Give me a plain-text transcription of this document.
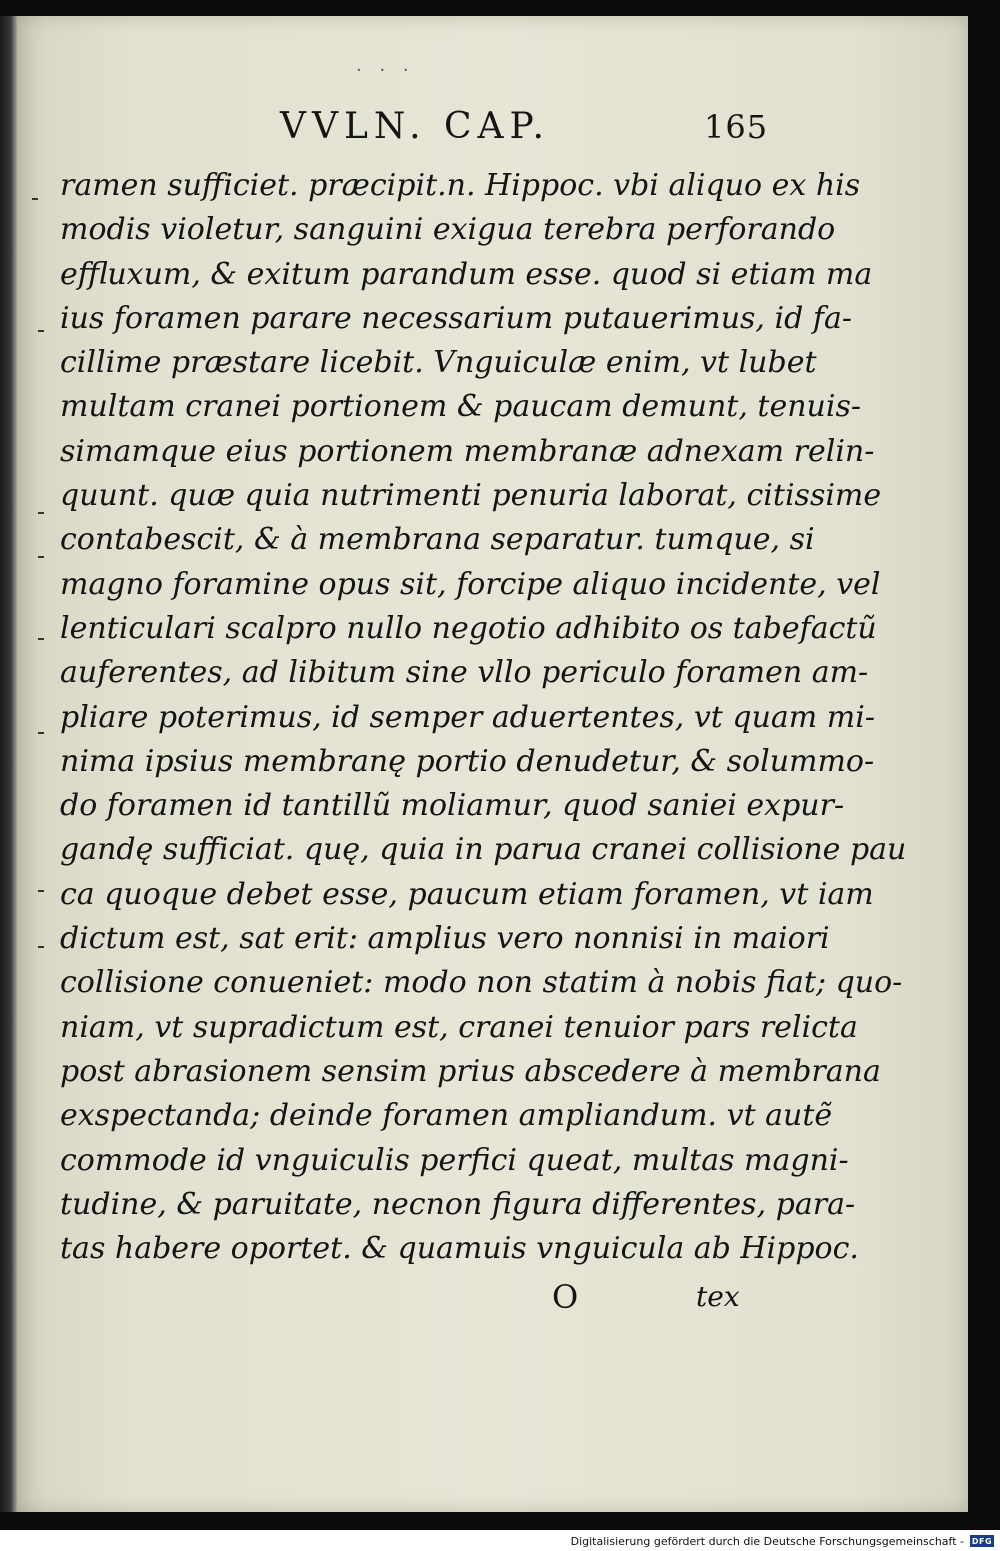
· · ·
VVLN. CAP.	165
ramen sufficiet. præcipit.n. Hippoc. vbi aliquo ex his
modis violetur, sanguini exigua terebra perforando
effluxum, & exitum parandum esse. quod si etiam ma
ius foramen parare necessarium putauerimus, id fa-
cillime præstare licebit. Vnguiculæ enim, vt lubet
multam cranei portionem & paucam demunt, tenuis-
simamque eius portionem membranæ adnexam relin-
quunt. quæ quia nutrimenti penuria laborat, citissime
contabescit, & à membrana separatur. tumque, si
magno foramine opus sit, forcipe aliquo incidente, vel
lenticulari scalpro nullo negotio adhibito os tabefactũ
auferentes, ad libitum sine vllo periculo foramen am-
pliare poterimus, id semper aduertentes, vt quam mi-
nima ipsius membranę portio denudetur, & solummo-
do foramen id tantillũ moliamur, quod saniei expur-
gandę sufficiat. quę, quia in parua cranei collisione pau
ca quoque debet esse, paucum etiam foramen, vt iam
dictum est, sat erit: amplius vero nonnisi in maiori
collisione conueniet: modo non statim à nobis fiat; quo-
niam, vt supradictum est, cranei tenuior pars relicta
post abrasionem sensim prius abscedere à membrana
exspectanda; deinde foramen ampliandum. vt autẽ
commode id vnguiculis perfici queat, multas magni-
tudine, & paruitate, necnon figura differentes, para-
tas habere oportet. & quamuis vnguicula ab Hippoc.
O	tex
Digitalisierung gefördert durch die Deutsche Forschungsgemeinschaft - DFG
